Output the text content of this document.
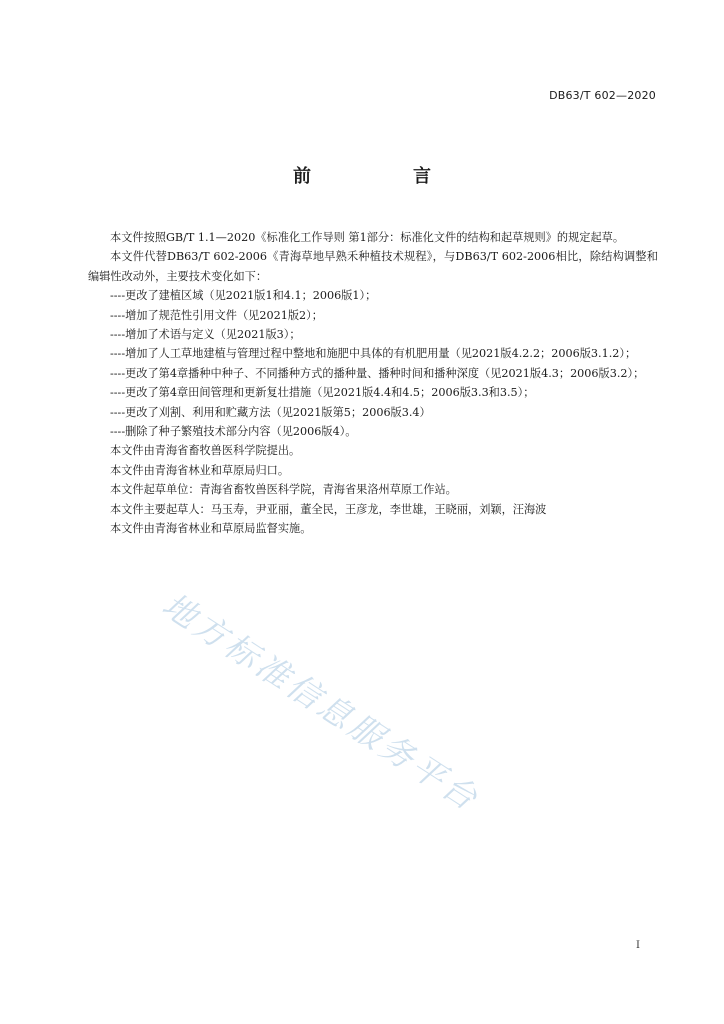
DB63/T 602—2020
前　言

本文件按照GB/T 1.1—2020《标准化工作导则 第1部分：标准化文件的结构和起草规则》的规定起草。

本文件代替DB63/T 602-2006《青海草地早熟禾种植技术规程》，与DB63/T 602-2006相比，除结构调整和编辑性改动外，主要技术变化如下：

----更改了建植区域（见2021版1和4.1；2006版1）；

----增加了规范性引用文件（见2021版2）；

----增加了术语与定义（见2021版3）；

----增加了人工草地建植与管理过程中整地和施肥中具体的有机肥用量（见2021版4.2.2；2006版3.1.2）；

----更改了第4章播种中种子、不同播种方式的播种量、播种时间和播种深度（见2021版4.3；2006版3.2）；

----更改了第4章田间管理和更新复壮措施（见2021版4.4和4.5；2006版3.3和3.5）；

----更改了刈割、利用和贮藏方法（见2021版第5；2006版3.4）

----删除了种子繁殖技术部分内容（见2006版4）。

本文件由青海省畜牧兽医科学院提出。

本文件由青海省林业和草原局归口。

本文件起草单位：青海省畜牧兽医科学院，青海省果洛州草原工作站。

本文件主要起草人：马玉寿，尹亚丽，董全民，王彦龙，李世雄，王晓丽，刘颖，汪海波

本文件由青海省林业和草原局监督实施。

地方标准信息服务平台
I
